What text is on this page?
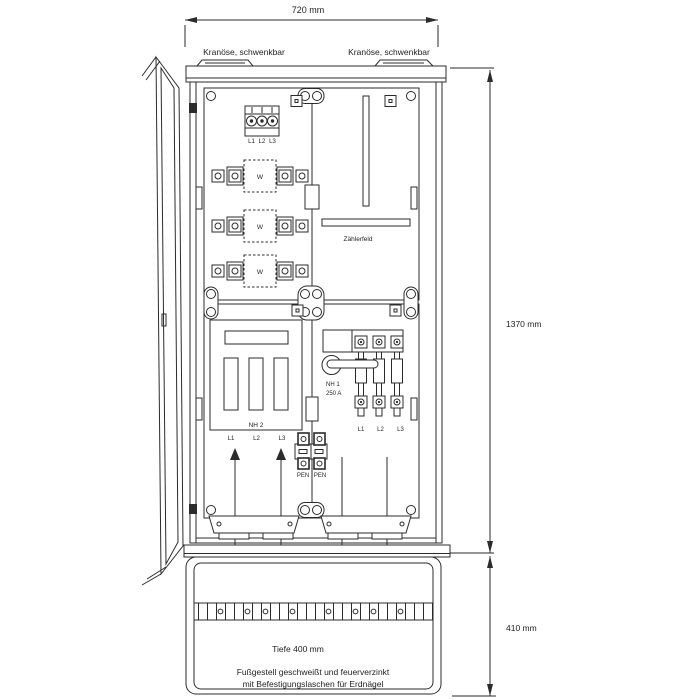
720 mm
Kranöse, schwenkbar	Kranöse, schwenkbar
L1 L2 L3
W
W
W
Zählerfeld
NH 2
L1	L2	L3
NH 1
250 A
L1 L2 L3
PEN PEN
Tiefe 400 mm
Fußgestell geschweißt und feuerverzinkt
mit Befestigungslaschen für Erdnägel
1370 mm
410 mm
